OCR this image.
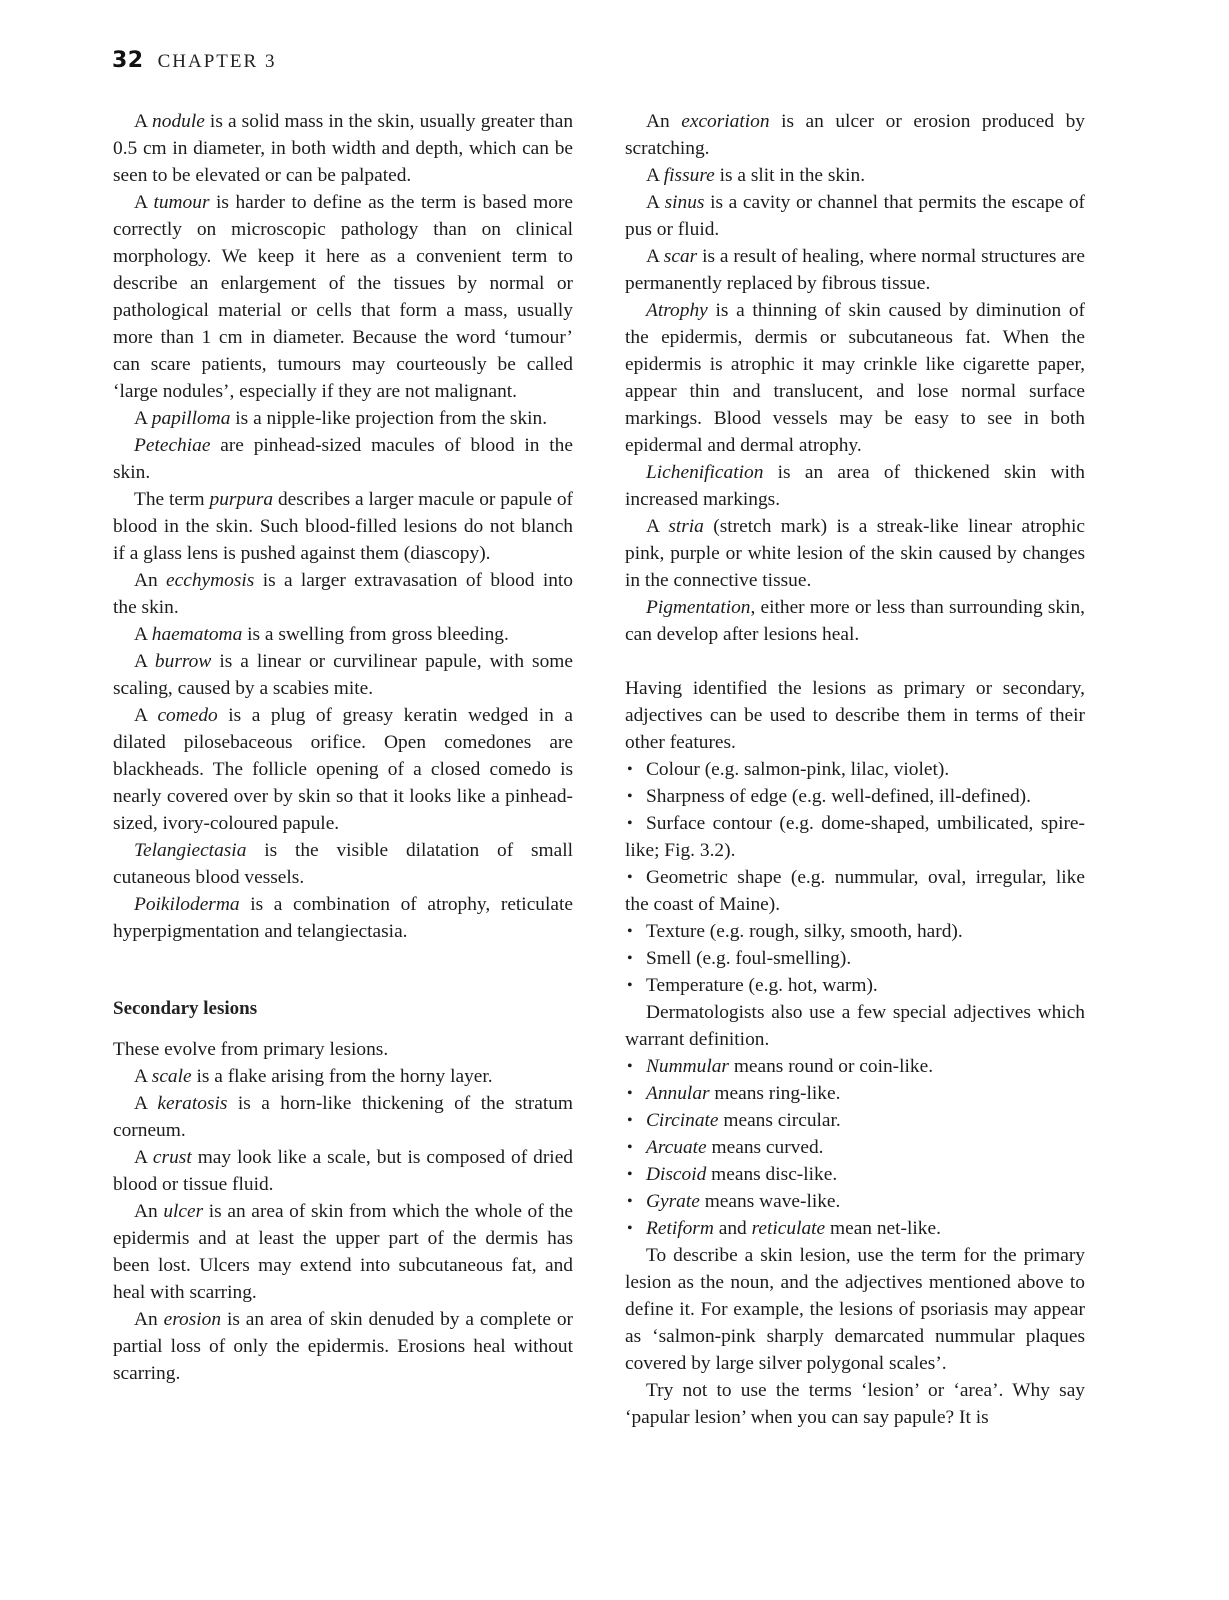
32 CHAPTER 3

A nodule is a solid mass in the skin, usually greater than 0.5 cm in diameter, in both width and depth, which can be seen to be elevated or can be palpated.

A tumour is harder to define as the term is based more correctly on microscopic pathology than on clinical morphology. We keep it here as a convenient term to describe an enlargement of the tissues by normal or pathological material or cells that form a mass, usually more than 1 cm in diameter. Because the word ‘tumour’ can scare patients, tumours may courteously be called ‘large nodules’, especially if they are not malignant.

A papilloma is a nipple-like projection from the skin.

Petechiae are pinhead-sized macules of blood in the skin.

The term purpura describes a larger macule or papule of blood in the skin. Such blood-filled lesions do not blanch if a glass lens is pushed against them (diascopy).

An ecchymosis is a larger extravasation of blood into the skin.

A haematoma is a swelling from gross bleeding.

A burrow is a linear or curvilinear papule, with some scaling, caused by a scabies mite.

A comedo is a plug of greasy keratin wedged in a dilated pilosebaceous orifice. Open comedones are blackheads. The follicle opening of a closed comedo is nearly covered over by skin so that it looks like a pinhead-sized, ivory-coloured papule.

Telangiectasia is the visible dilatation of small cutaneous blood vessels.

Poikiloderma is a combination of atrophy, reticulate hyperpigmentation and telangiectasia.

Secondary lesions

These evolve from primary lesions.

A scale is a flake arising from the horny layer.

A keratosis is a horn-like thickening of the stratum corneum.

A crust may look like a scale, but is composed of dried blood or tissue fluid.

An ulcer is an area of skin from which the whole of the epidermis and at least the upper part of the dermis has been lost. Ulcers may extend into subcutaneous fat, and heal with scarring.

An erosion is an area of skin denuded by a complete or partial loss of only the epidermis. Erosions heal without scarring.

An excoriation is an ulcer or erosion produced by scratching.

A fissure is a slit in the skin.

A sinus is a cavity or channel that permits the escape of pus or fluid.

A scar is a result of healing, where normal structures are permanently replaced by fibrous tissue.

Atrophy is a thinning of skin caused by diminution of the epidermis, dermis or subcutaneous fat. When the epidermis is atrophic it may crinkle like cigarette paper, appear thin and translucent, and lose normal surface markings. Blood vessels may be easy to see in both epidermal and dermal atrophy.

Lichenification is an area of thickened skin with increased markings.

A stria (stretch mark) is a streak-like linear atrophic pink, purple or white lesion of the skin caused by changes in the connective tissue.

Pigmentation, either more or less than surrounding skin, can develop after lesions heal.

Having identified the lesions as primary or secondary, adjectives can be used to describe them in terms of their other features.

• Colour (e.g. salmon-pink, lilac, violet).
• Sharpness of edge (e.g. well-defined, ill-defined).
• Surface contour (e.g. dome-shaped, umbilicated, spire-like; Fig. 3.2).
• Geometric shape (e.g. nummular, oval, irregular, like the coast of Maine).
• Texture (e.g. rough, silky, smooth, hard).
• Smell (e.g. foul-smelling).
• Temperature (e.g. hot, warm).

Dermatologists also use a few special adjectives which warrant definition.

• Nummular means round or coin-like.
• Annular means ring-like.
• Circinate means circular.
• Arcuate means curved.
• Discoid means disc-like.
• Gyrate means wave-like.
• Retiform and reticulate mean net-like.

To describe a skin lesion, use the term for the primary lesion as the noun, and the adjectives mentioned above to define it. For example, the lesions of psoriasis may appear as ‘salmon-pink sharply demarcated nummular plaques covered by large silver polygonal scales’.

Try not to use the terms ‘lesion’ or ‘area’. Why say ‘papular lesion’ when you can say papule? It is
